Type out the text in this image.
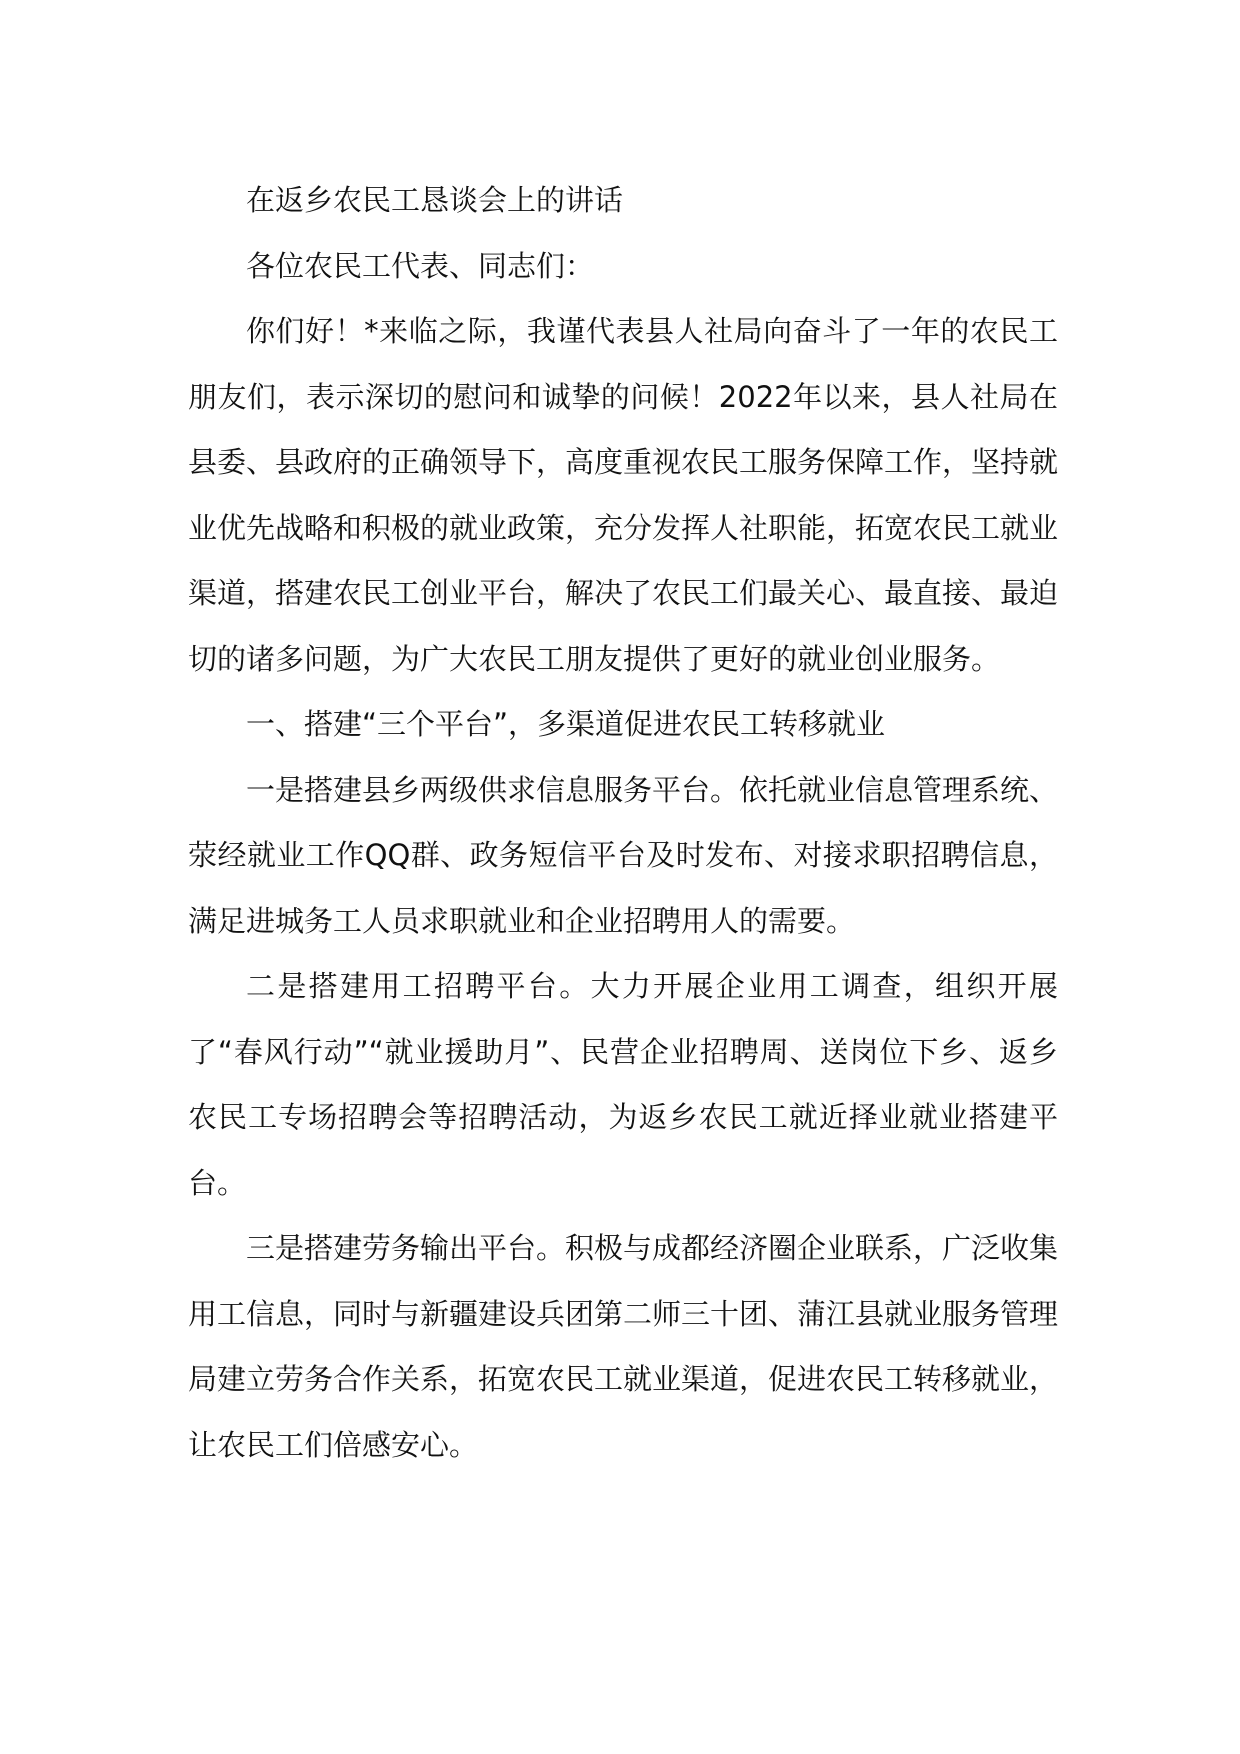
在返乡农民工恳谈会上的讲话

各位农民工代表、同志们：

你们好！*来临之际，我谨代表县人社局向奋斗了一年的农民工朋友们，表示深切的慰问和诚挚的问候！2022年以来，县人社局在县委、县政府的正确领导下，高度重视农民工服务保障工作，坚持就业优先战略和积极的就业政策，充分发挥人社职能，拓宽农民工就业渠道，搭建农民工创业平台，解决了农民工们最关心、最直接、最迫切的诸多问题，为广大农民工朋友提供了更好的就业创业服务。

一、搭建“三个平台”，多渠道促进农民工转移就业

一是搭建县乡两级供求信息服务平台。依托就业信息管理系统、荥经就业工作QQ群、政务短信平台及时发布、对接求职招聘信息，满足进城务工人员求职就业和企业招聘用人的需要。

二是搭建用工招聘平台。大力开展企业用工调查，组织开展了“春风行动”“就业援助月”、民营企业招聘周、送岗位下乡、返乡农民工专场招聘会等招聘活动，为返乡农民工就近择业就业搭建平台。

三是搭建劳务输出平台。积极与成都经济圈企业联系，广泛收集用工信息，同时与新疆建设兵团第二师三十团、蒲江县就业服务管理局建立劳务合作关系，拓宽农民工就业渠道，促进农民工转移就业，让农民工们倍感安心。
